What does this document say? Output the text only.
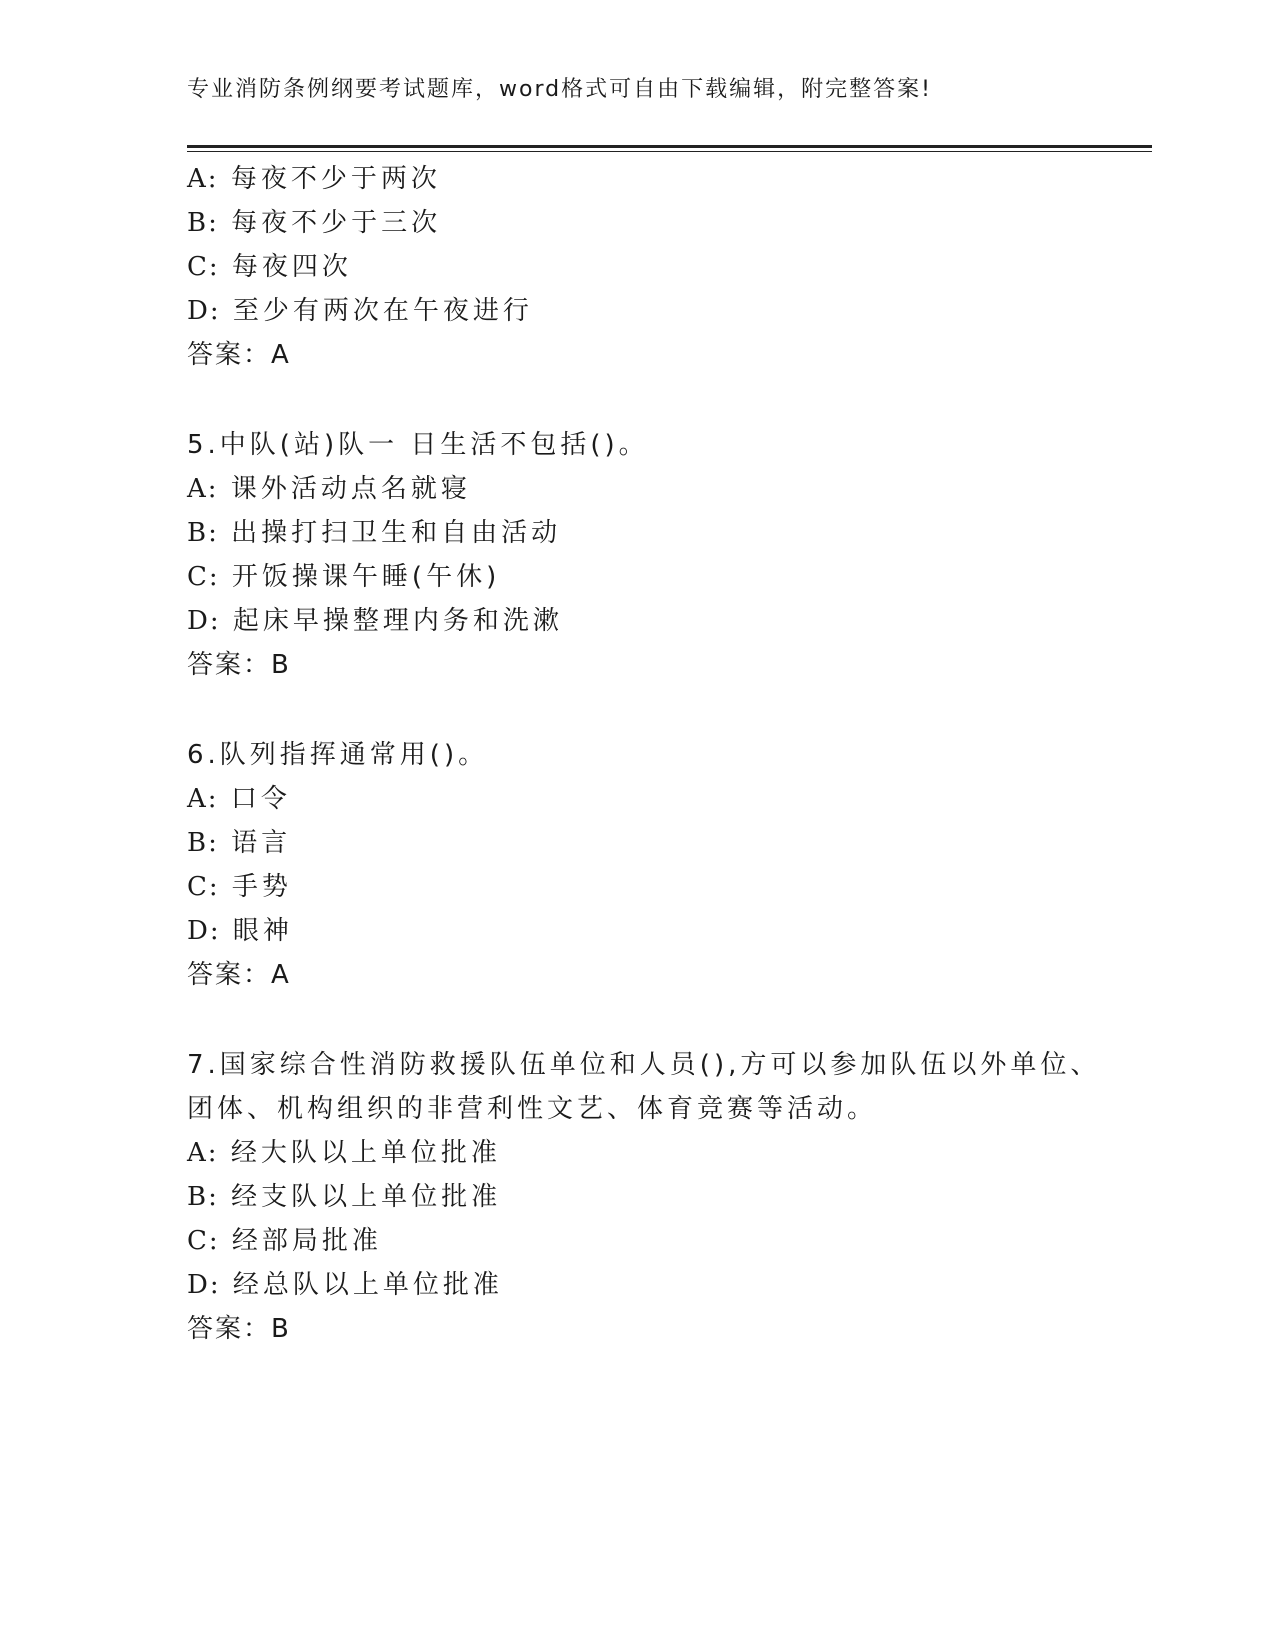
专业消防条例纲要考试题库，word格式可自由下载编辑，附完整答案!
A: 每夜不少于两次
B: 每夜不少于三次
C: 每夜四次
D: 至少有两次在午夜进行
答案：A
5.中队(站)队一 日生活不包括()。
A: 课外活动点名就寝
B: 出操打扫卫生和自由活动
C: 开饭操课午睡(午休)
D: 起床早操整理内务和洗漱
答案：B
6.队列指挥通常用()。
A: 口令
B: 语言
C: 手势
D: 眼神
答案：A
7.国家综合性消防救援队伍单位和人员(),方可以参加队伍以外单位、
团体、机构组织的非营利性文艺、体育竞赛等活动。
A: 经大队以上单位批准
B: 经支队以上单位批准
C: 经部局批准
D: 经总队以上单位批准
答案：B
